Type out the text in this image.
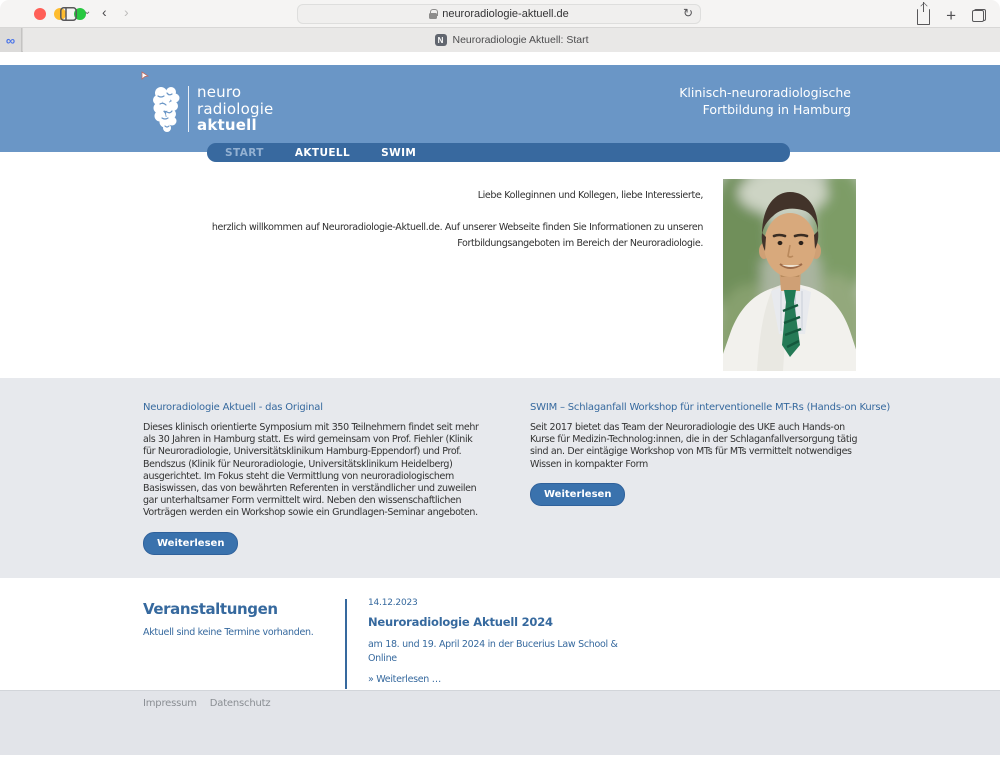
⌄ ‹ ›	neuroradiologie-aktuell.de	↻	+
∞	N Neuroradiologie Aktuell: Start
neuro
radiologie
aktuell
Klinisch-neuroradiologische
Fortbildung in Hamburg
START	AKTUELL	SWIM

Liebe Kolleginnen und Kollegen, liebe Interessierte,

herzlich willkommen auf Neuroradiologie-Aktuell.de. Auf unserer Webseite finden Sie Informationen zu unseren Fortbildungsangeboten im Bereich der Neuroradiologie.

Neuroradiologie Aktuell - das Original

Dieses klinisch orientierte Symposium mit 350 Teilnehmern findet seit mehr als 30 Jahren in Hamburg statt. Es wird gemeinsam von Prof. Fiehler (Klinik für Neuroradiologie, Universitätsklinikum Hamburg-Eppendorf) und Prof. Bendszus (Klinik für Neuroradiologie, Universitätsklinikum Heidelberg) ausgerichtet. Im Fokus steht die Vermittlung von neuroradiologischem Basiswissen, das von bewährten Referenten in verständlicher und zuweilen gar unterhaltsamer Form vermittelt wird. Neben den wissenschaftlichen Vorträgen werden ein Workshop sowie ein Grundlagen-Seminar angeboten.

Weiterlesen
SWIM – Schlaganfall Workshop für interventionelle MT-Rs (Hands-on Kurse)

Seit 2017 bietet das Team der Neuroradiologie des UKE auch Hands-on Kurse für Medizin-Technolog:innen, die in der Schlaganfallversorgung tätig sind an. Der eintägige Workshop von MTs für MTs vermittelt notwendiges Wissen in kompakter Form

Weiterlesen
Veranstaltungen
Aktuell sind keine Termine vorhanden.
14.12.2023
Neuroradiologie Aktuell 2024
am 18. und 19. April 2024 in der Bucerius Law School & Online
» Weiterlesen …
Impressum Datenschutz
